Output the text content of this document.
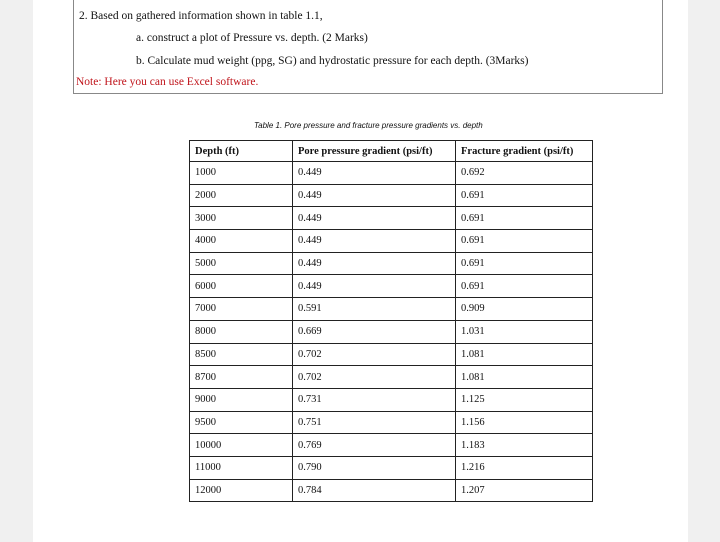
2. Based on gathered information shown in table 1.1,
a. construct a plot of Pressure vs. depth. (2 Marks)
b. Calculate mud weight (ppg, SG) and hydrostatic pressure for each depth. (3Marks)
Note: Here you can use Excel software.
Table 1. Pore pressure and fracture pressure gradients vs. depth
Depth (ft)	Pore pressure gradient (psi/ft)	Fracture gradient (psi/ft)
1000	0.449	0.692
2000	0.449	0.691
3000	0.449	0.691
4000	0.449	0.691
5000	0.449	0.691
6000	0.449	0.691
7000	0.591	0.909
8000	0.669	1.031
8500	0.702	1.081
8700	0.702	1.081
9000	0.731	1.125
9500	0.751	1.156
10000	0.769	1.183
11000	0.790	1.216
12000	0.784	1.207
